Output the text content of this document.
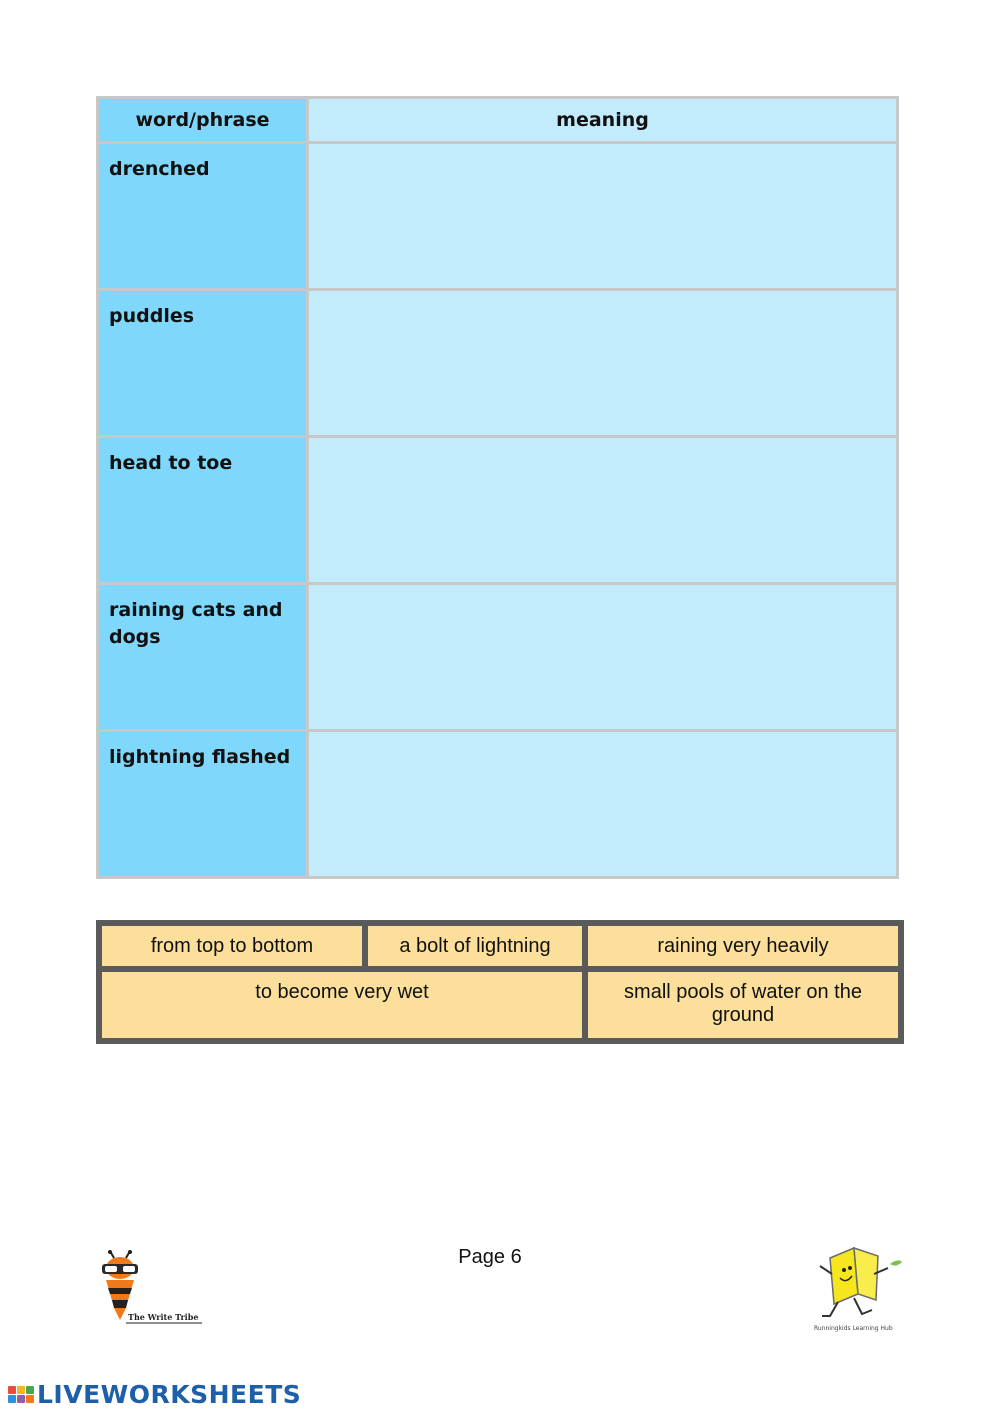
word/phrase	meaning
drenched	
puddles	
head to toe	
raining cats and dogs	
lightning flashed	
from top to bottom	a bolt of lightning	raining very heavily
to become very wet	small pools of water on the ground
Page 6
The Write Tribe
Runningkids Learning Hub
LIVEWORKSHEETS
